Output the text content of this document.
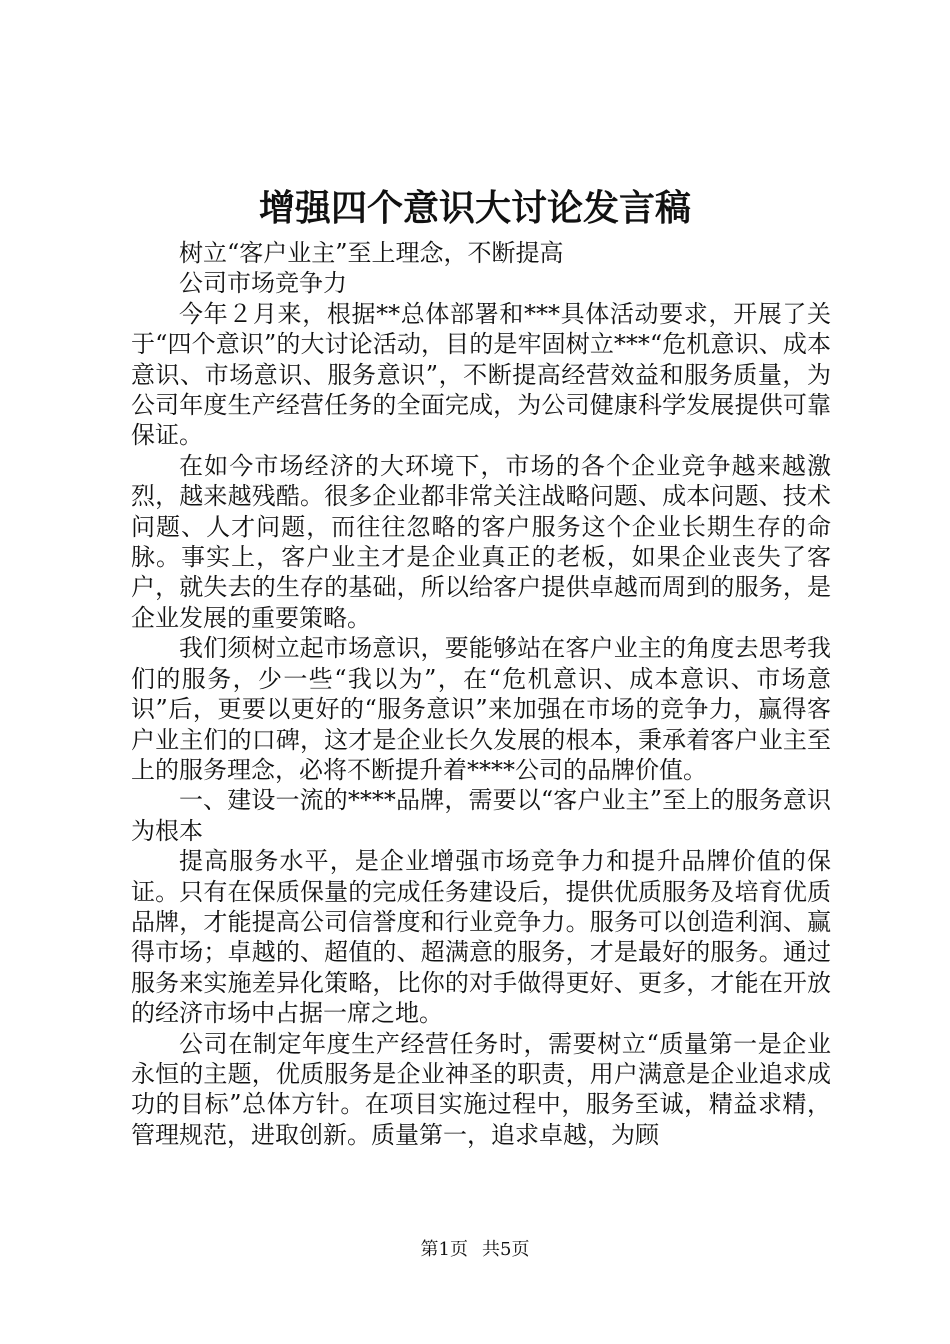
增强四个意识大讨论发言稿

树立“客户业主”至上理念，不断提高

公司市场竞争力

今年２月来，根据**总体部署和***具体活动要求，开展了关于“四个意识”的大讨论活动，目的是牢固树立***“危机意识、成本意识、市场意识、服务意识”，不断提高经营效益和服务质量，为公司年度生产经营任务的全面完成，为公司健康科学发展提供可靠保证。

在如今市场经济的大环境下，市场的各个企业竞争越来越激烈，越来越残酷。很多企业都非常关注战略问题、成本问题、技术问题、人才问题，而往往忽略的客户服务这个企业长期生存的命脉。事实上，客户业主才是企业真正的老板，如果企业丧失了客户，就失去的生存的基础，所以给客户提供卓越而周到的服务，是企业发展的重要策略。

我们须树立起市场意识，要能够站在客户业主的角度去思考我们的服务，少一些“我以为”，在“危机意识、成本意识、市场意识”后，更要以更好的“服务意识”来加强在市场的竞争力，赢得客户业主们的口碑，这才是企业长久发展的根本，秉承着客户业主至上的服务理念，必将不断提升着****公司的品牌价值。

一、建设一流的****品牌，需要以“客户业主”至上的服务意识为根本

提高服务水平，是企业增强市场竞争力和提升品牌价值的保证。只有在保质保量的完成任务建设后，提供优质服务及培育优质品牌，才能提高公司信誉度和行业竞争力。服务可以创造利润、赢得市场；卓越的、超值的、超满意的服务，才是最好的服务。通过服务来实施差异化策略，比你的对手做得更好、更多，才能在开放的经济市场中占据一席之地。

公司在制定年度生产经营任务时，需要树立“质量第一是企业永恒的主题，优质服务是企业神圣的职责，用户满意是企业追求成功的目标”总体方针。在项目实施过程中，服务至诚，精益求精，管理规范，进取创新。质量第一，追求卓越，为顾

第1页 共5页
